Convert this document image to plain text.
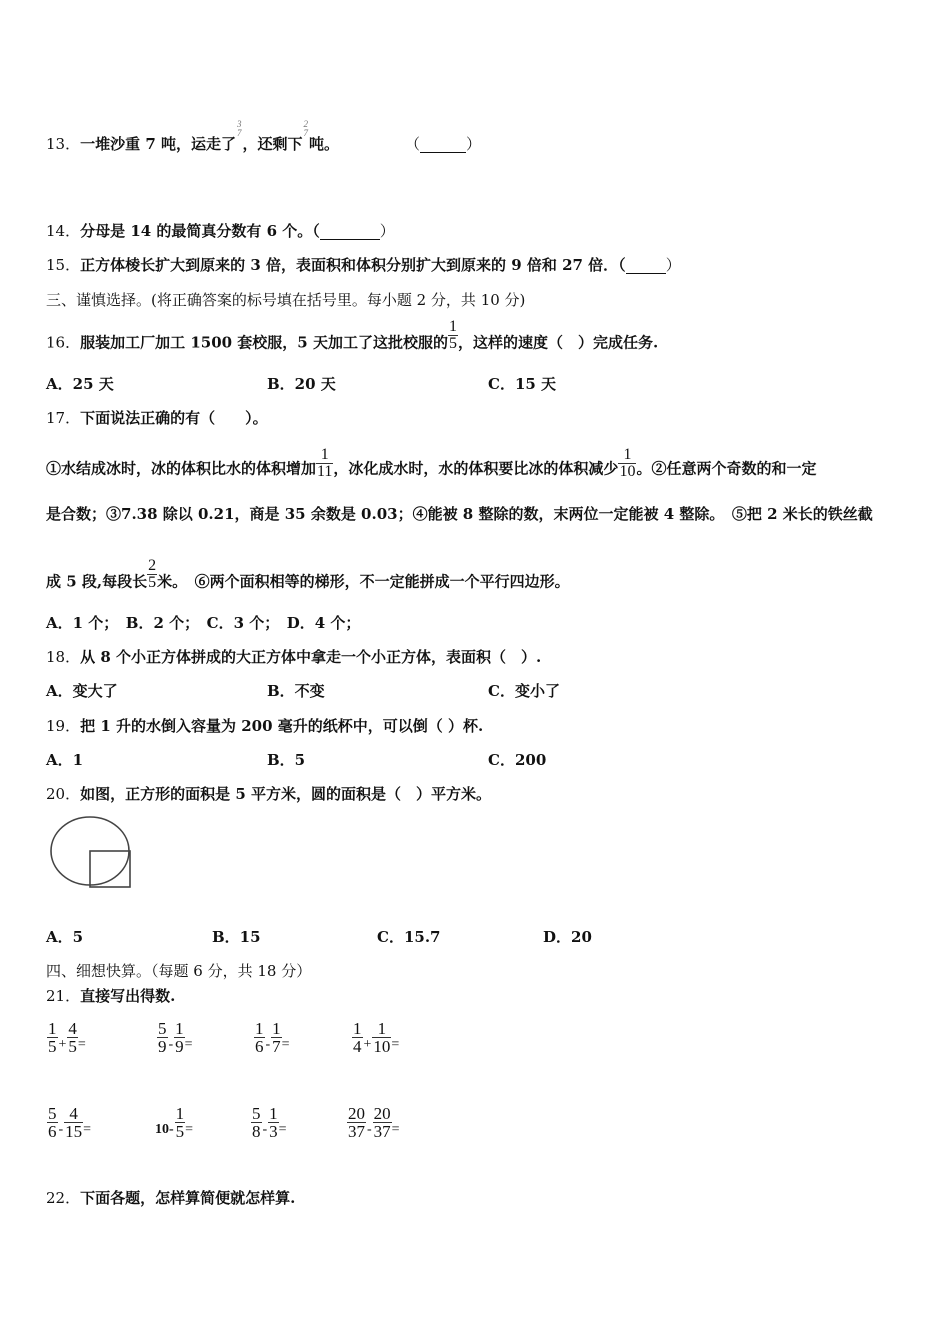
13．一堆沙重 7 吨，运走了
3
7
，还剩下
2
7
吨。	（	）
14．分母是 14 的最简真分数有 6 个。（	）
15．正方体棱长扩大到原来的 3 倍，表面积和体积分别扩大到原来的 9 倍和 27 倍．（	）
三、谨慎选择。(将正确答案的标号填在括号里。每小题 2 分，共 10 分)
16．服装加工厂加工 1500 套校服，5 天加工了这批校服的 $\frac{1}{5}$ ，这样的速度（　）完成任务.
A．25 天	B．20 天	C．15 天
17．下面说法正确的有（　　）。
①水结成冰时，冰的体积比水的体积增加 $\frac{1}{11}$ ，冰化成水时，水的体积要比冰的体积减少 $\frac{1}{10}$ 。②任意两个奇数的和一定
是合数；③7.38 除以 0.21，商是 35 余数是 0.03；④能被 8 整除的数，末两位一定能被 4 整除。　⑤把 2 米长的铁丝截
成 5 段,每段长 $\frac{2}{5}$ 米。　⑥两个面积相等的梯形，不一定能拼成一个平行四边形。
A．1 个；　B．2 个；　C．3 个；　D．4 个；
18．从 8 个小正方体拼成的大正方体中拿走一个小正方体，表面积（　）.
A．变大了	B．不变	C．变小了
19．把 1 升的水倒入容量为 200 毫升的纸杯中，可以倒（ ）杯.
A．1	B．5	C．200
20．如图，正方形的面积是 5 平方米，圆的面积是（　）平方米。
A．5	B．15	C．15.7	D．20
四、细想快算。（每题 6 分，共 18 分）
21．直接写出得数.
$\frac{1}{5} + \frac{4}{5}$ =	$\frac{5}{9} - \frac{1}{9}$ =	$\frac{1}{6} - \frac{1}{7}$ =	$\frac{1}{4} + \frac{1}{10}$ =
$\frac{5}{6} - \frac{4}{15}$ =	$10- \frac{1}{5}$ =	$\frac{5}{8} - \frac{1}{3}$ =	$\frac{20}{37} - \frac{20}{37}$ =
22．下面各题，怎样算简便就怎样算.
